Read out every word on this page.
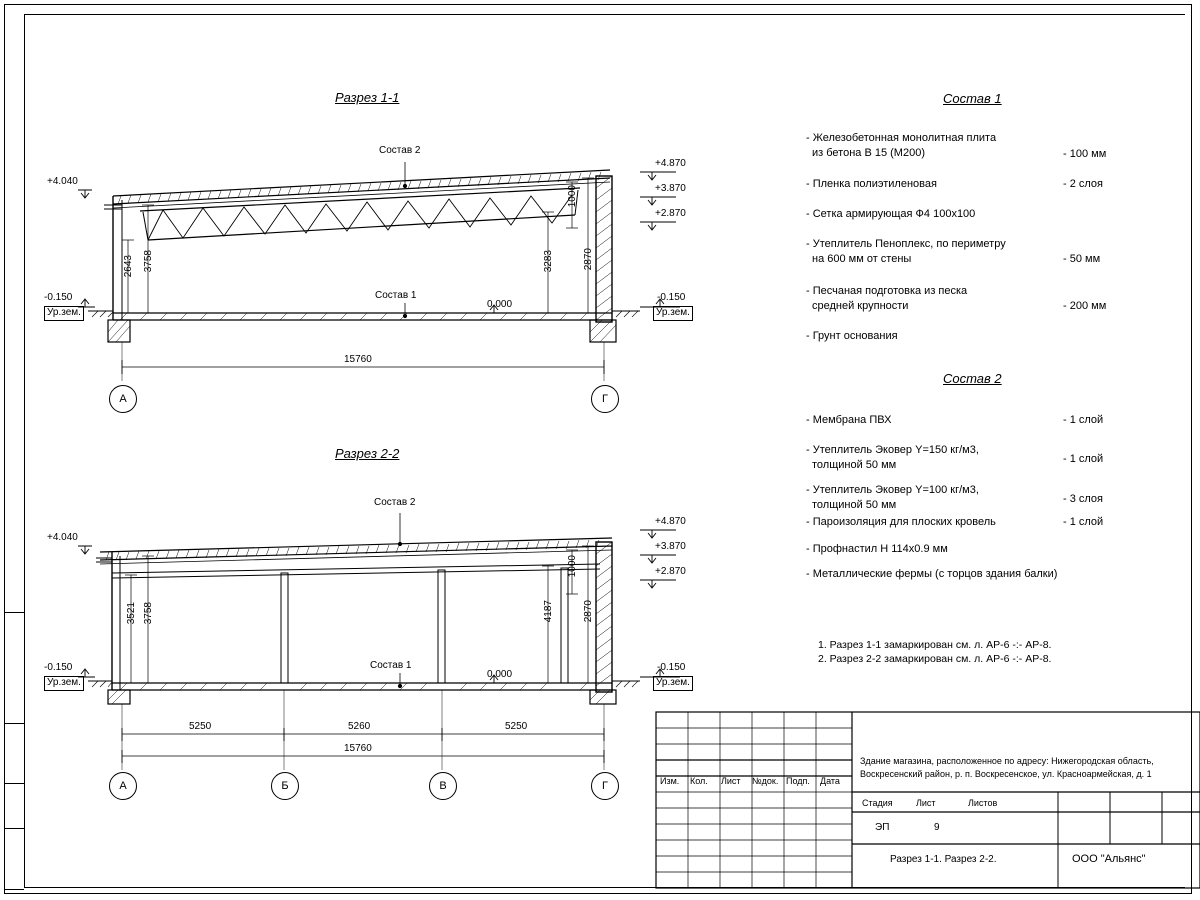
Разрез 1-1
Разрез 2-2
Состав 2
Состав 1
Состав 2
Состав 1
+4.040
-0.150
Ур.зем.
+4.870
+3.870
+2.870
-0.150
Ур.зем.
0.000
2643 3758	3283
1000
2870
15760
А	Г
+4.040
-0.150
Ур.зем.
+4.870
+3.870
+2.870
-0.150
Ур.зем.
0.000
3521 3758	4187
1000
2870
5250	5260	5250
15760
А	Б	В	Г
Состав 1
- Железобетонная монолитная плита
из бетона В 15 (М200)	- 100 мм
- Пленка полиэтиленовая	- 2 слоя
- Сетка армирующая Ф4 100х100
- Утеплитель Пеноплекс, по периметру
на 600 мм от стены	- 50 мм
- Песчаная подготовка из песка
средней крупности	- 200 мм
- Грунт основания
Состав 2
- Мембрана ПВХ	- 1 слой
- Утеплитель Эковер Y=150 кг/м3,
толщиной 50 мм	- 1 слой
- Утеплитель Эковер Y=100 кг/м3,
толщиной 50 мм	- 3 слоя
- Пароизоляция для плоских кровель	- 1 слой
- Профнастил Н 114х0.9 мм
- Металлические фермы (с торцов здания балки)
1. Разрез 1-1 замаркирован см. л. АР-6 -:- АР-8.
2. Разрез 2-2 замаркирован см. л. АР-6 -:- АР-8.
Изм. Кол. Лист №док. Подп. Дата
Здание магазина, расположенное по адресу: Нижегородская область,
Воскресенский район, р. п. Воскресенское, ул. Красноармейская, д. 1
Стадия	Лист	Листов
ЭП	9
Разрез 1-1. Разрез 2-2.	ООО "Альянс"
